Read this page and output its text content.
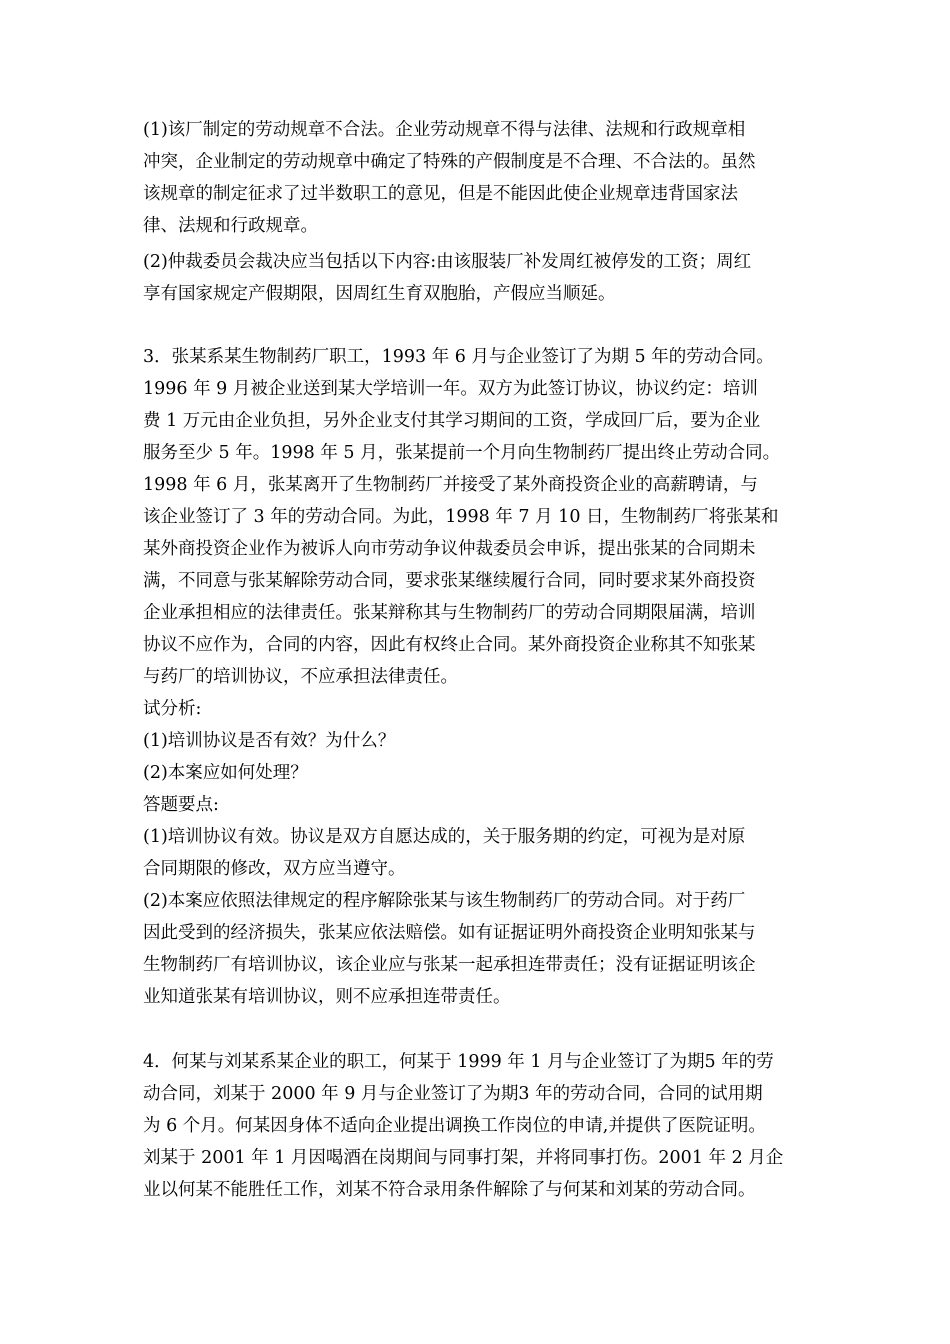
(1)该厂制定的劳动规章不合法。企业劳动规章不得与法律、法规和行政规章相
冲突，企业制定的劳动规章中确定了特殊的产假制度是不合理、不合法的。虽然
该规章的制定征求了过半数职工的意见，但是不能因此使企业规章违背国家法
律、法规和行政规章。
(2)仲裁委员会裁决应当包括以下内容:由该服装厂补发周红被停发的工资；周红
享有国家规定产假期限，因周红生育双胞胎，产假应当顺延。
3．张某系某生物制药厂职工，1993 年 6 月与企业签订了为期 5 年的劳动合同。
1996 年 9 月被企业送到某大学培训一年。双方为此签订协议，协议约定：培训
费 1 万元由企业负担，另外企业支付其学习期间的工资，学成回厂后，要为企业
服务至少 5 年。1998 年 5 月，张某提前一个月向生物制药厂提出终止劳动合同。
1998 年 6 月，张某离开了生物制药厂并接受了某外商投资企业的高薪聘请，与
该企业签订了 3 年的劳动合同。为此，1998 年 7 月 10 日，生物制药厂将张某和
某外商投资企业作为被诉人向市劳动争议仲裁委员会申诉，提出张某的合同期未
满，不同意与张某解除劳动合同，要求张某继续履行合同，同时要求某外商投资
企业承担相应的法律责任。张某辩称其与生物制药厂的劳动合同期限届满，培训
协议不应作为，合同的内容，因此有权终止合同。某外商投资企业称其不知张某
与药厂的培训协议，不应承担法律责任。
试分析:
(1)培训协议是否有效？为什么？
(2)本案应如何处理？
答题要点:
(1)培训协议有效。协议是双方自愿达成的，关于服务期的约定，可视为是对原
合同期限的修改，双方应当遵守。
(2)本案应依照法律规定的程序解除张某与该生物制药厂的劳动合同。对于药厂
因此受到的经济损失，张某应依法赔偿。如有证据证明外商投资企业明知张某与
生物制药厂有培训协议，该企业应与张某一起承担连带责任；没有证据证明该企
业知道张某有培训协议，则不应承担连带责任。
4．何某与刘某系某企业的职工，何某于 1999 年 1 月与企业签订了为期5 年的劳
动合同，刘某于 2000 年 9 月与企业签订了为期3 年的劳动合同，合同的试用期
为 6 个月。何某因身体不适向企业提出调换工作岗位的申请,并提供了医院证明。
刘某于 2001 年 1 月因喝酒在岗期间与同事打架，并将同事打伤。2001 年 2 月企
业以何某不能胜任工作，刘某不符合录用条件解除了与何某和刘某的劳动合同。
